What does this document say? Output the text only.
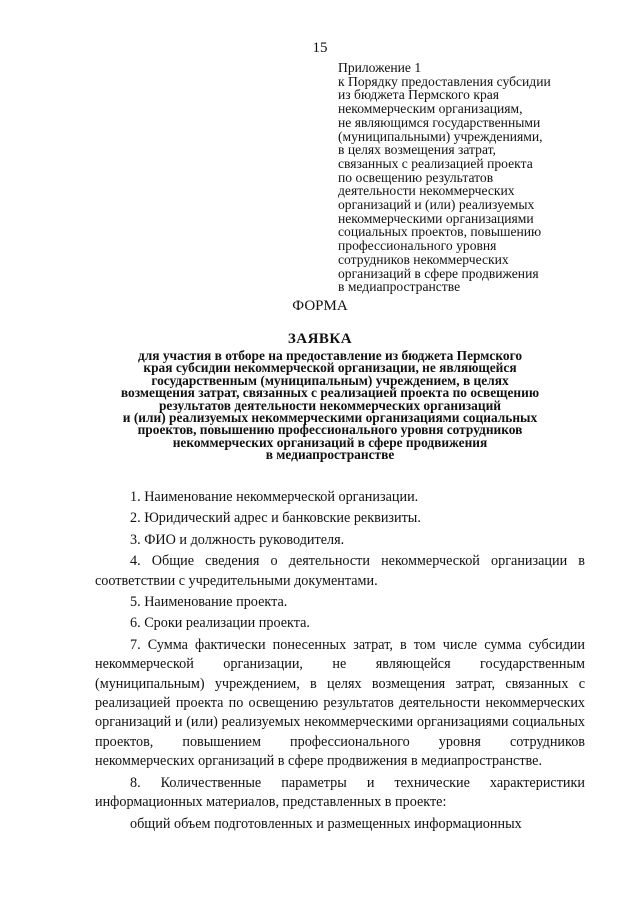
15
Приложение 1
к Порядку предоставления субсидии
из бюджета Пермского края
некоммерческим организациям,
не являющимся государственными
(муниципальными) учреждениями,
в целях возмещения затрат,
связанных с реализацией проекта
по освещению результатов
деятельности некоммерческих
организаций и (или) реализуемых
некоммерческими организациями
социальных проектов, повышению
профессионального уровня
сотрудников некоммерческих
организаций в сфере продвижения
в медиапространстве
ФОРМА
ЗАЯВКА
для участия в отборе на предоставление из бюджета Пермского
края субсидии некоммерческой организации, не являющейся
государственным (муниципальным) учреждением, в целях
возмещения затрат, связанных с реализацией проекта по освещению
результатов деятельности некоммерческих организаций
и (или) реализуемых некоммерческими организациями социальных
проектов, повышению профессионального уровня сотрудников
некоммерческих организаций в сфере продвижения
в медиапространстве

1. Наименование некоммерческой организации.

2. Юридический адрес и банковские реквизиты.

3. ФИО и должность руководителя.

4. Общие сведения о деятельности некоммерческой организации в соответствии с учредительными документами.

5. Наименование проекта.

6. Сроки реализации проекта.

7. Сумма фактически понесенных затрат, в том числе сумма субсидии некоммерческой организации, не являющейся государственным (муниципальным) учреждением, в целях возмещения затрат, связанных с реализацией проекта по освещению результатов деятельности некоммерческих организаций и (или) реализуемых некоммерческими организациями социальных проектов, повышением профессионального уровня сотрудников некоммерческих организаций в сфере продвижения в медиапространстве.

8. Количественные параметры и технические характеристики информационных материалов, представленных в проекте:

общий объем подготовленных и размещенных информационных
